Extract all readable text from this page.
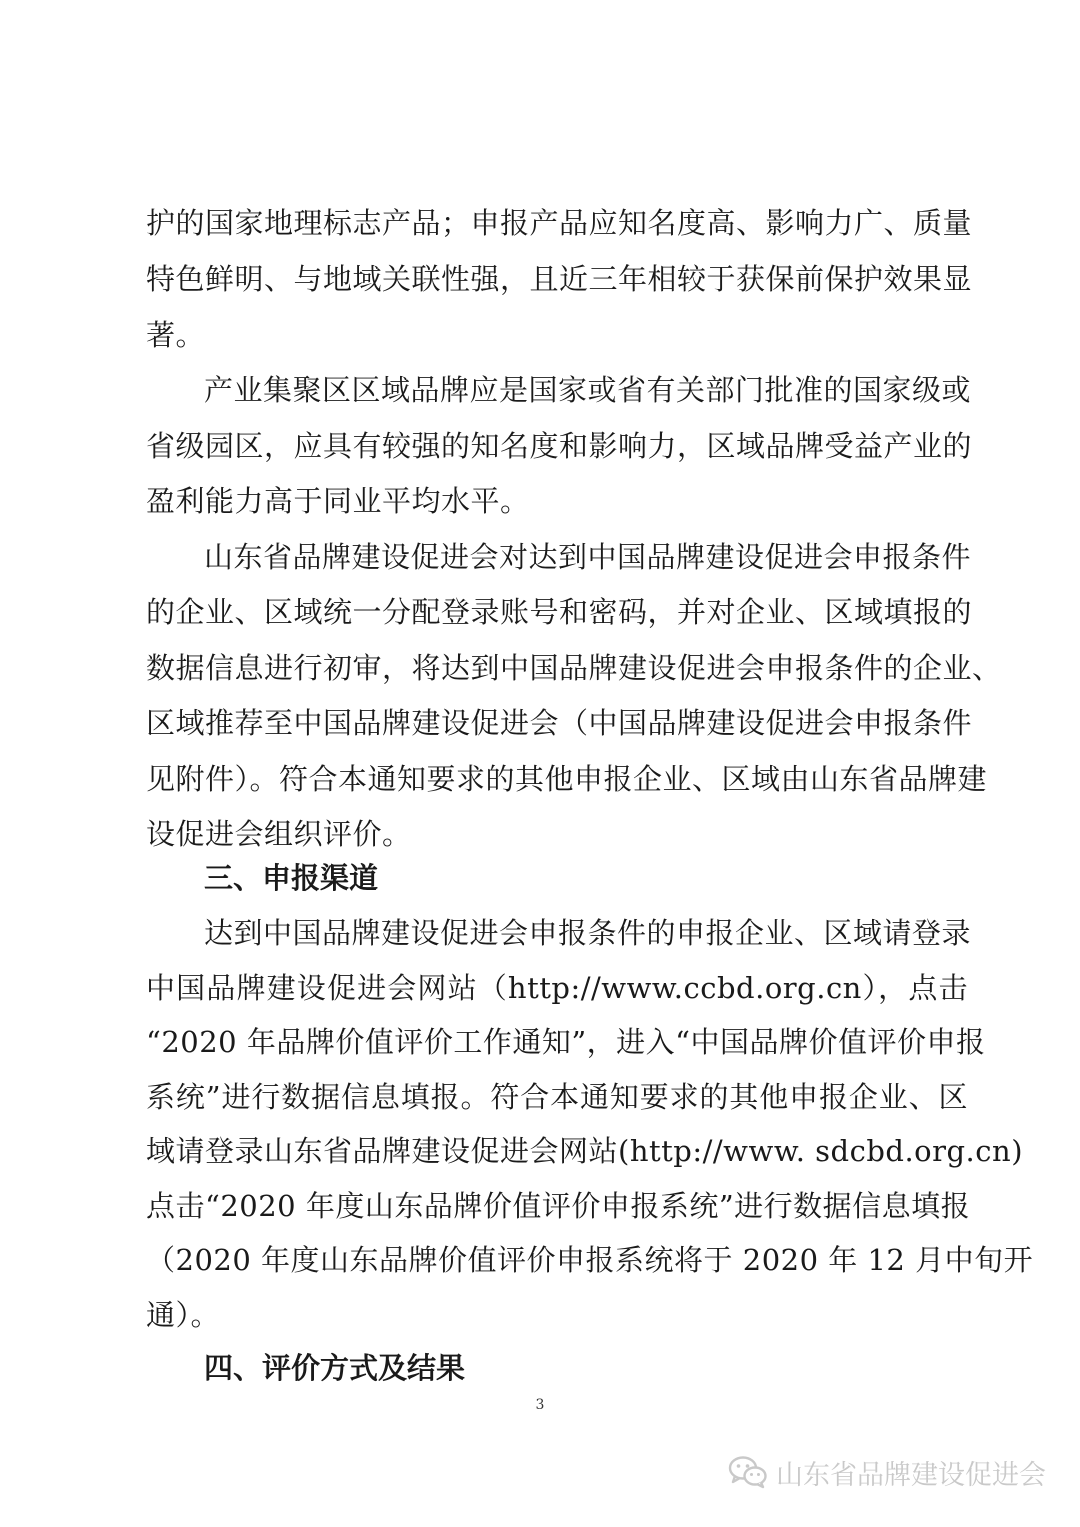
护的国家地理标志产品；申报产品应知名度高、影响力广、质量
特色鲜明、与地域关联性强，且近三年相较于获保前保护效果显
著。
产业集聚区区域品牌应是国家或省有关部门批准的国家级或
省级园区，应具有较强的知名度和影响力，区域品牌受益产业的
盈利能力高于同业平均水平。
山东省品牌建设促进会对达到中国品牌建设促进会申报条件
的企业、区域统一分配登录账号和密码，并对企业、区域填报的
数据信息进行初审，将达到中国品牌建设促进会申报条件的企业、
区域推荐至中国品牌建设促进会（中国品牌建设促进会申报条件
见附件）。符合本通知要求的其他申报企业、区域由山东省品牌建
设促进会组织评价。
三、申报渠道
达到中国品牌建设促进会申报条件的申报企业、区域请登录
中国品牌建设促进会网站（http://www.ccbd.org.cn），点击
“2020 年品牌价值评价工作通知”，进入“中国品牌价值评价申报
系统”进行数据信息填报。符合本通知要求的其他申报企业、区
域请登录山东省品牌建设促进会网站(http://www. sdcbd.org.cn)
点击“2020 年度山东品牌价值评价申报系统”进行数据信息填报
（2020 年度山东品牌价值评价申报系统将于 2020 年 12 月中旬开
通）。
四、评价方式及结果
3
山东省品牌建设促进会
